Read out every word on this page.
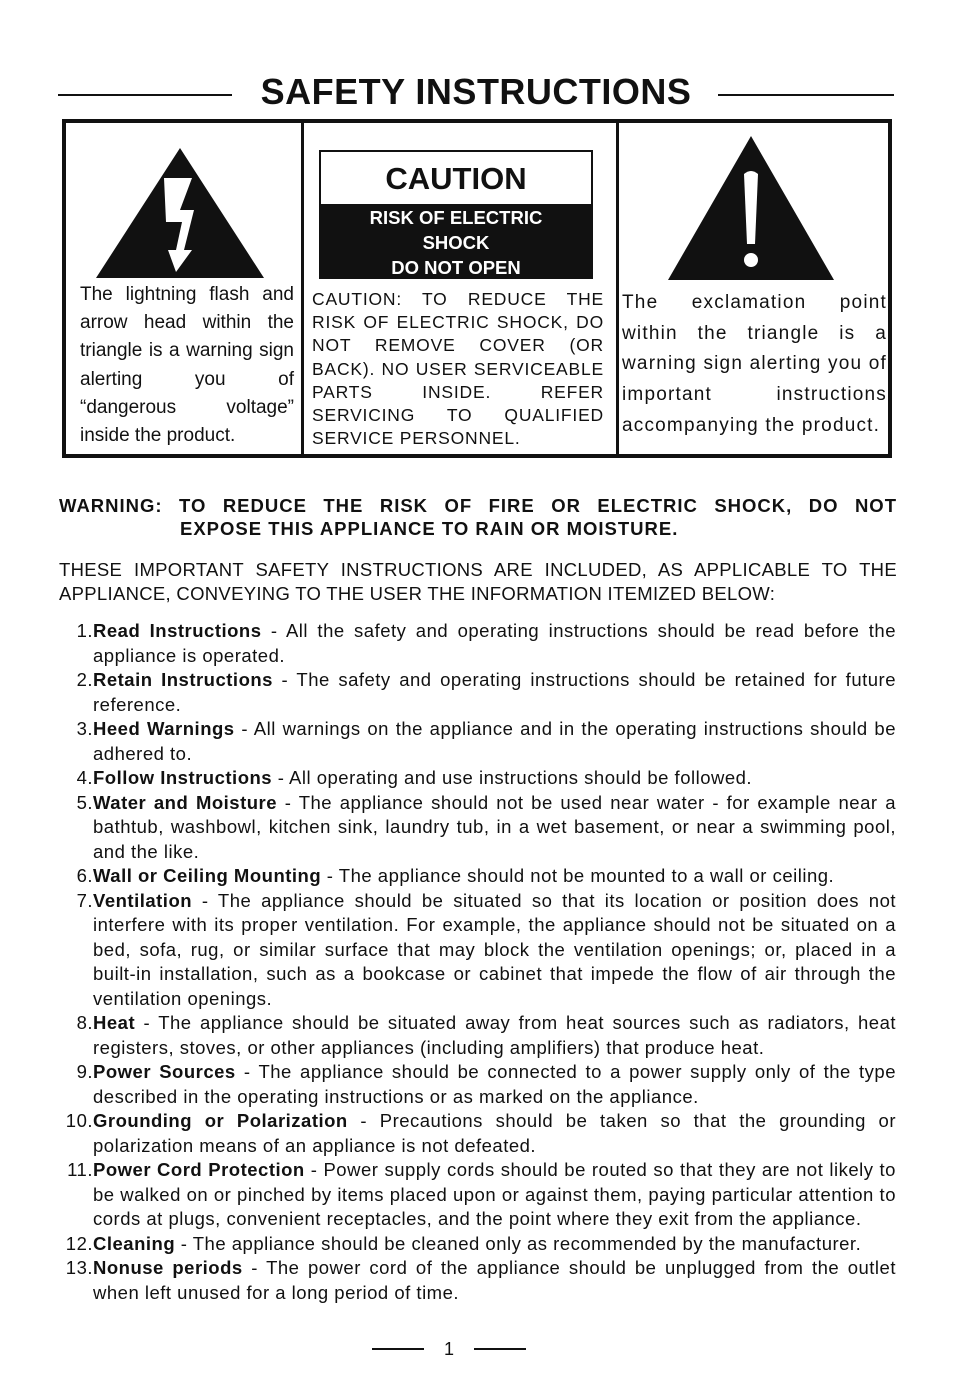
SAFETY INSTRUCTIONS
The lightning flash and arrow head within the triangle is a warning sign alerting you of “dangerous voltage” inside the product.
CAUTION
RISK OF ELECTRIC
SHOCK
DO NOT OPEN
CAUTION: TO REDUCE THE RISK OF ELECTRIC SHOCK, DO NOT REMOVE COVER (OR BACK). NO USER SERVICEABLE PARTS INSIDE. REFER SERVICING TO QUALIFIED SERVICE PERSONNEL.
The exclamation point within the triangle is a warning sign alerting you of important instructions accompanying the product.
WARNING: TO REDUCE THE RISK OF FIRE OR ELECTRIC SHOCK, DO NOT
EXPOSE THIS APPLIANCE TO RAIN OR MOISTURE.
THESE IMPORTANT SAFETY INSTRUCTIONS ARE INCLUDED, AS APPLICABLE TO THE APPLIANCE, CONVEYING TO THE USER THE INFORMATION ITEMIZED BELOW:
1. Read Instructions - All the safety and operating instructions should be read before the appliance is operated.
2. Retain Instructions - The safety and operating instructions should be retained for future reference.
3. Heed Warnings - All warnings on the appliance and in the operating instructions should be adhered to.
4. Follow Instructions - All operating and use instructions should be followed.
5. Water and Moisture - The appliance should not be used near water - for example near a bathtub, washbowl, kitchen sink, laundry tub, in a wet basement, or near a swimming pool, and the like.
6. Wall or Ceiling Mounting - The appliance should not be mounted to a wall or ceiling.
7. Ventilation - The appliance should be situated so that its location or position does not interfere with its proper ventilation. For example, the appliance should not be situated on a bed, sofa, rug, or similar surface that may block the ventilation openings; or, placed in a built-in installation, such as a bookcase or cabinet that impede the flow of air through the ventilation openings.
8. Heat - The appliance should be situated away from heat sources such as radiators, heat registers, stoves, or other appliances (including amplifiers) that produce heat.
9. Power Sources - The appliance should be connected to a power supply only of the type described in the operating instructions or as marked on the appliance.
10. Grounding or Polarization - Precautions should be taken so that the grounding or polarization means of an appliance is not defeated.
11. Power Cord Protection - Power supply cords should be routed so that they are not likely to be walked on or pinched by items placed upon or against them, paying particular attention to cords at plugs, convenient receptacles, and the point where they exit from the appliance.
12. Cleaning - The appliance should be cleaned only as recommended by the manufacturer.
13. Nonuse periods - The power cord of the appliance should be unplugged from the outlet when left unused for a long period of time.
1
